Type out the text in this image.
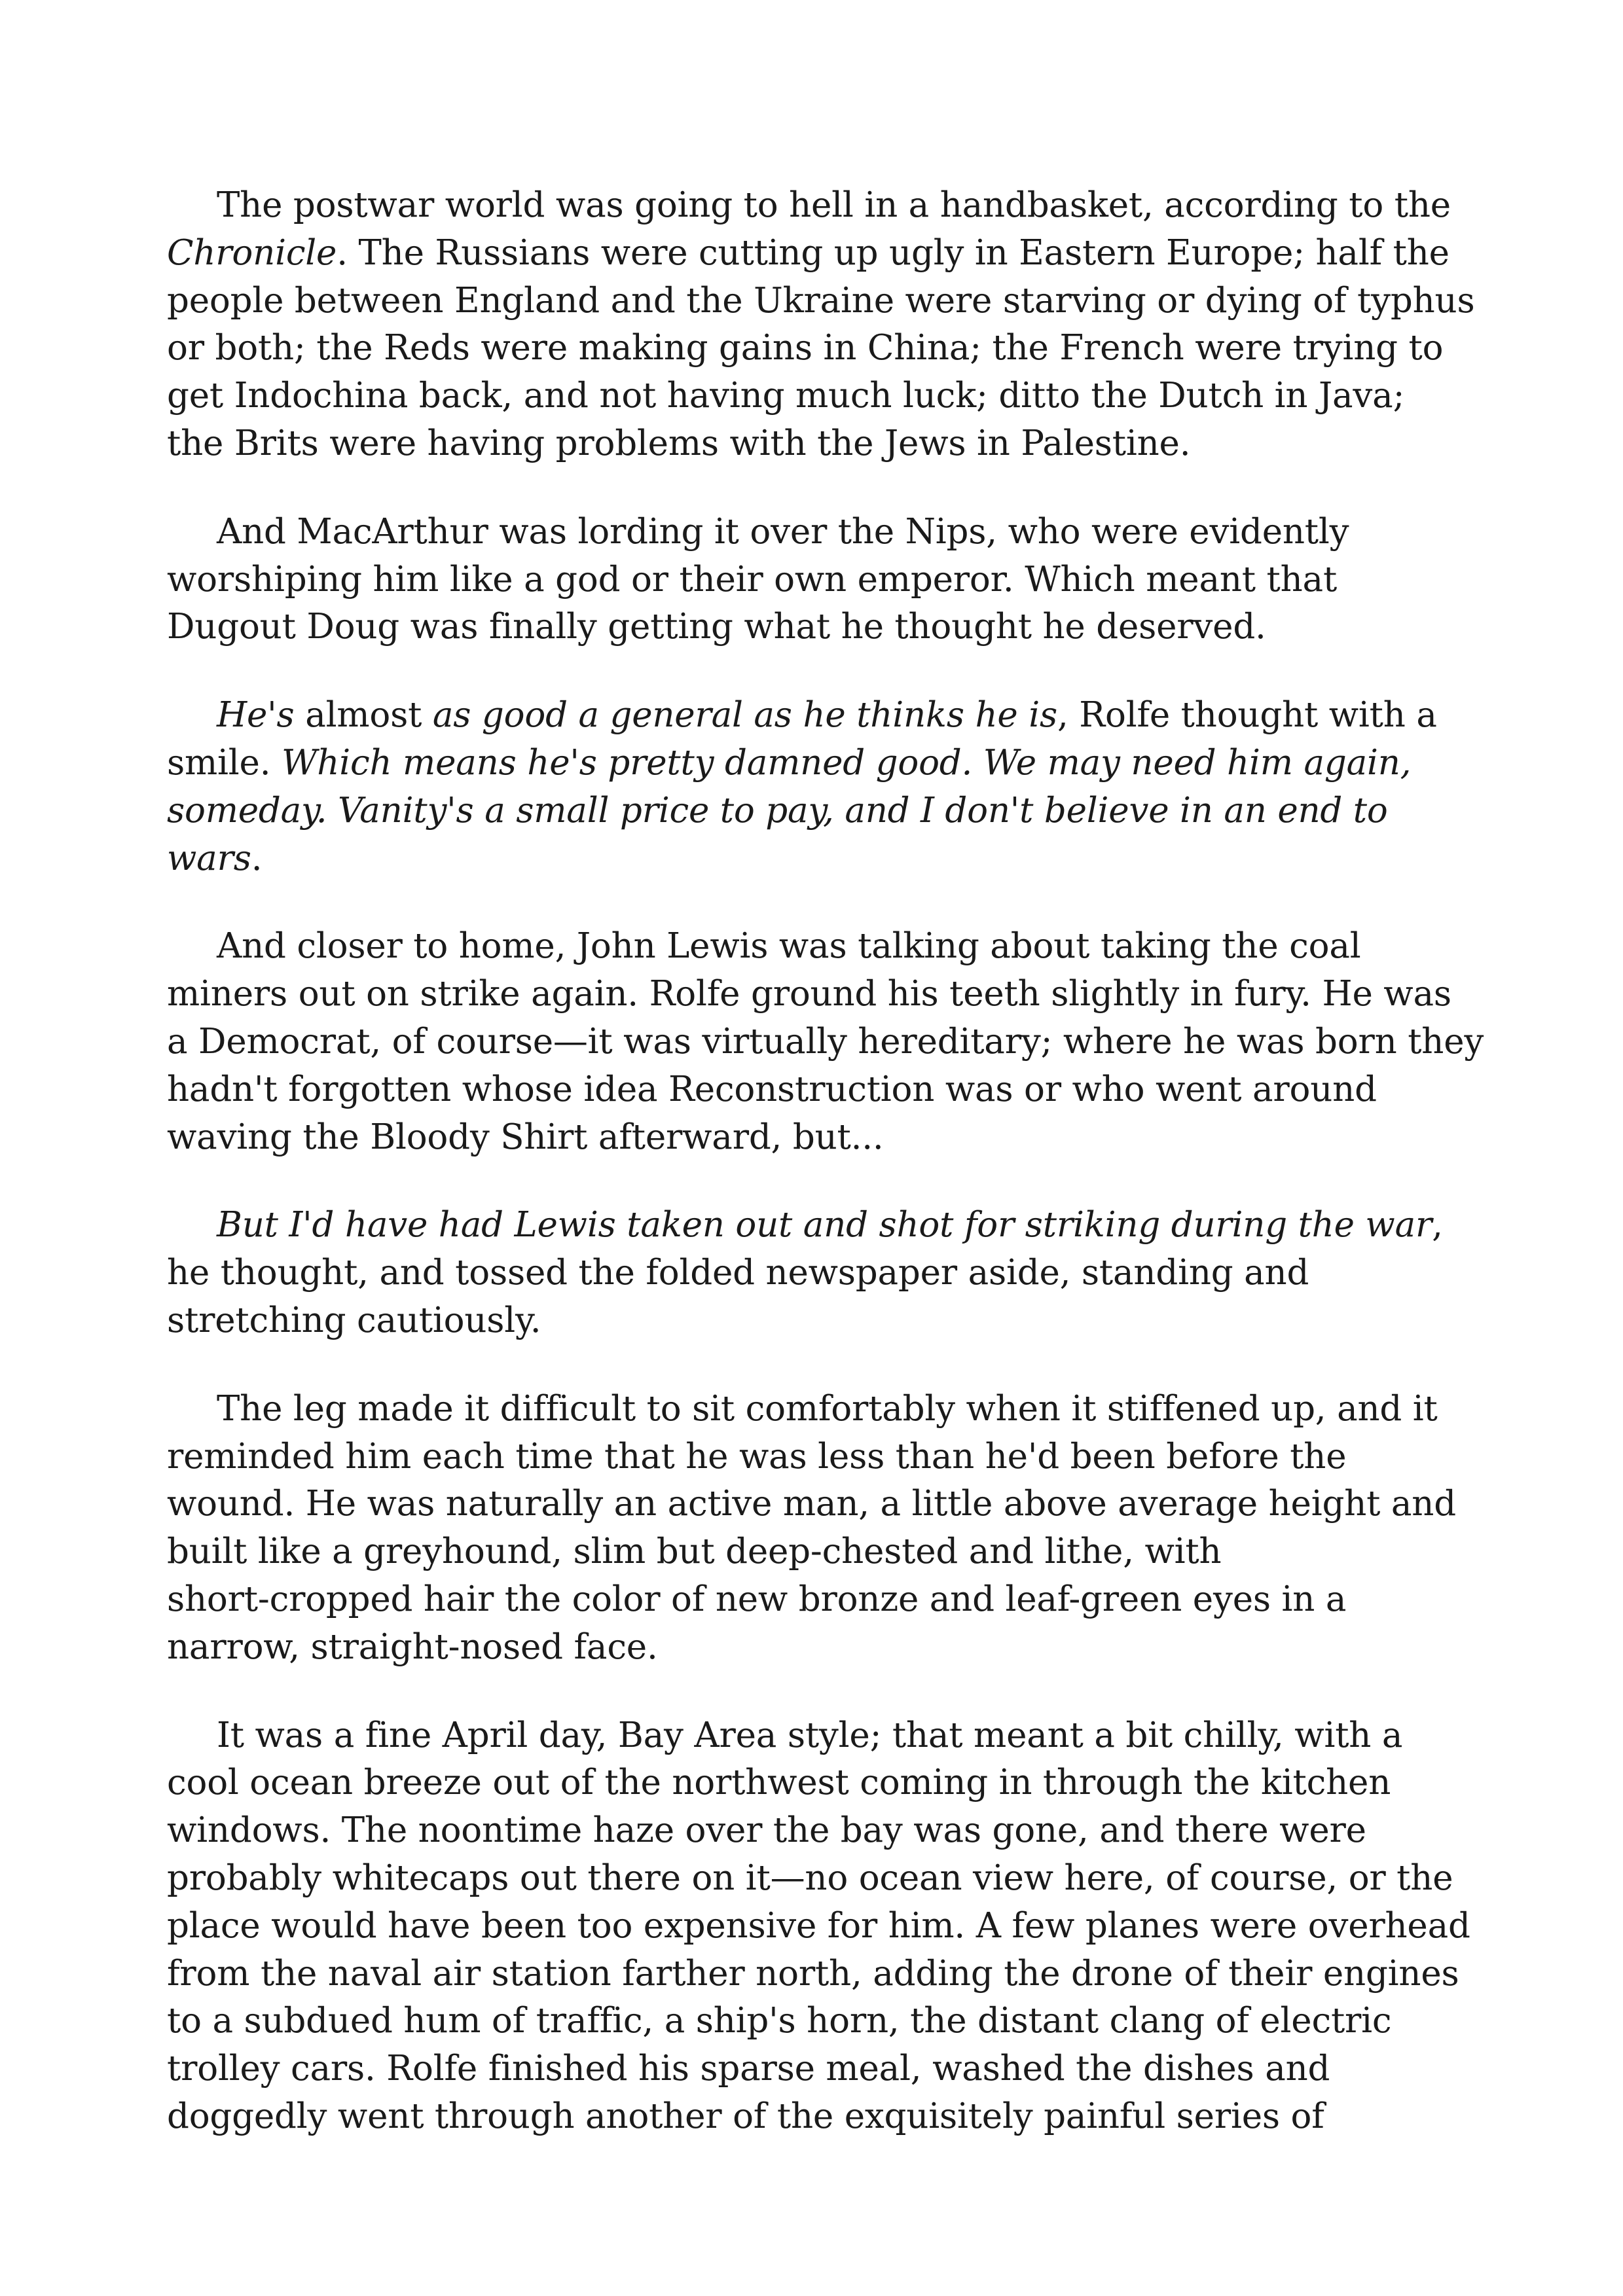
The postwar world was going to hell in a handbasket, according to the
Chronicle. The Russians were cutting up ugly in Eastern Europe; half the
people between England and the Ukraine were starving or dying of typhus
or both; the Reds were making gains in China; the French were trying to
get Indochina back, and not having much luck; ditto the Dutch in Java;
the Brits were having problems with the Jews in Palestine.

And MacArthur was lording it over the Nips, who were evidently
worshiping him like a god or their own emperor. Which meant that
Dugout Doug was finally getting what he thought he deserved.

He's almost as good a general as he thinks he is, Rolfe thought with a
smile. Which means he's pretty damned good. We may need him again,
someday. Vanity's a small price to pay, and I don't believe in an end to
wars.

And closer to home, John Lewis was talking about taking the coal
miners out on strike again. Rolfe ground his teeth slightly in fury. He was
a Democrat, of course—it was virtually hereditary; where he was born they
hadn't forgotten whose idea Reconstruction was or who went around
waving the Bloody Shirt afterward, but...

But I'd have had Lewis taken out and shot for striking during the war,
he thought, and tossed the folded newspaper aside, standing and
stretching cautiously.

The leg made it difficult to sit comfortably when it stiffened up, and it
reminded him each time that he was less than he'd been before the
wound. He was naturally an active man, a little above average height and
built like a greyhound, slim but deep-chested and lithe, with
short-cropped hair the color of new bronze and leaf-green eyes in a
narrow, straight-nosed face.

It was a fine April day, Bay Area style; that meant a bit chilly, with a
cool ocean breeze out of the northwest coming in through the kitchen
windows. The noontime haze over the bay was gone, and there were
probably whitecaps out there on it—no ocean view here, of course, or the
place would have been too expensive for him. A few planes were overhead
from the naval air station farther north, adding the drone of their engines
to a subdued hum of traffic, a ship's horn, the distant clang of electric
trolley cars. Rolfe finished his sparse meal, washed the dishes and
doggedly went through another of the exquisitely painful series of
